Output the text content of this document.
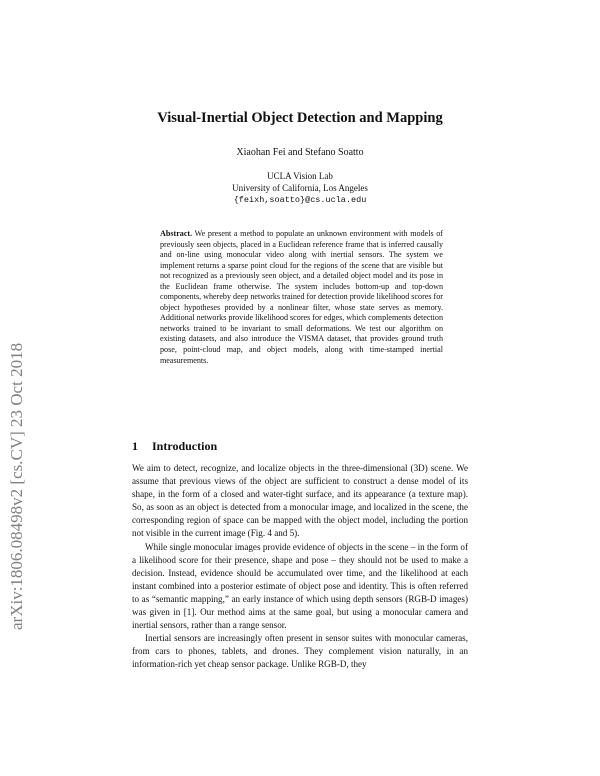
arXiv:1806.08498v2 [cs.CV] 23 Oct 2018
Visual-Inertial Object Detection and Mapping
Xiaohan Fei and Stefano Soatto
UCLA Vision Lab
University of California, Los Angeles
{feixh,soatto}@cs.ucla.edu

Abstract. We present a method to populate an unknown environment with models of previously seen objects, placed in a Euclidean reference frame that is inferred causally and on-line using monocular video along with inertial sensors. The system we implement returns a sparse point cloud for the regions of the scene that are visible but not recognized as a previously seen object, and a detailed object model and its pose in the Euclidean frame otherwise. The system includes bottom-up and top-down components, whereby deep networks trained for detection provide likelihood scores for object hypotheses provided by a nonlinear filter, whose state serves as memory. Additional networks provide likelihood scores for edges, which complements detection networks trained to be invariant to small deformations. We test our algorithm on existing datasets, and also introduce the VISMA dataset, that provides ground truth pose, point-cloud map, and object models, along with time-stamped inertial measurements.

1 Introduction

We aim to detect, recognize, and localize objects in the three-dimensional (3D) scene. We assume that previous views of the object are sufficient to construct a dense model of its shape, in the form of a closed and water-tight surface, and its appearance (a texture map). So, as soon as an object is detected from a monocular image, and localized in the scene, the corresponding region of space can be mapped with the object model, including the portion not visible in the current image (Fig. 4 and 5).

While single monocular images provide evidence of objects in the scene – in the form of a likelihood score for their presence, shape and pose – they should not be used to make a decision. Instead, evidence should be accumulated over time, and the likelihood at each instant combined into a posterior estimate of object pose and identity. This is often referred to as “semantic mapping,” an early instance of which using depth sensors (RGB-D images) was given in [1]. Our method aims at the same goal, but using a monocular camera and inertial sensors, rather than a range sensor.

Inertial sensors are increasingly often present in sensor suites with monocular cameras, from cars to phones, tablets, and drones. They complement vision naturally, in an information-rich yet cheap sensor package. Unlike RGB-D, they
